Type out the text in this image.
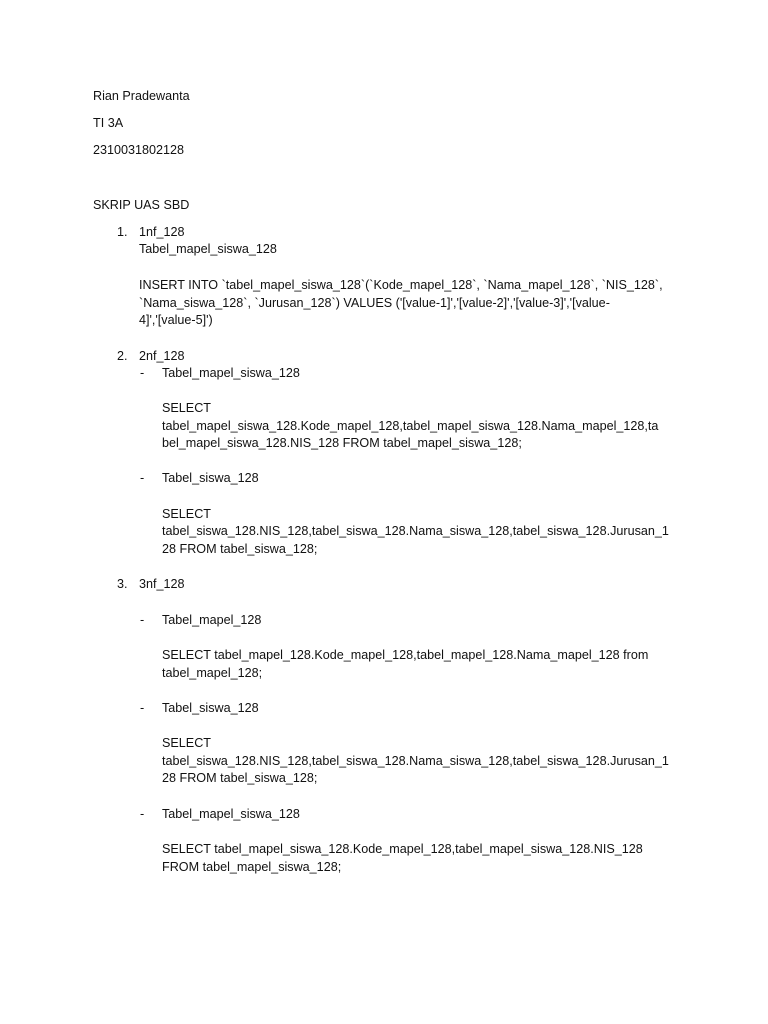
Rian Pradewanta

TI 3A

2310031802128

SKRIP UAS SBD

1. 1nf_128

Tabel_mapel_siswa_128

INSERT INTO `tabel_mapel_siswa_128`(`Kode_mapel_128`, `Nama_mapel_128`, `NIS_128`,

`Nama_siswa_128`, `Jurusan_128`) VALUES ('[value-1]','[value-2]','[value-3]','[value-

4]','[value-5]')

2. 2nf_128

- Tabel_mapel_siswa_128

SELECT

tabel_mapel_siswa_128.Kode_mapel_128,tabel_mapel_siswa_128.Nama_mapel_128,ta

bel_mapel_siswa_128.NIS_128 FROM tabel_mapel_siswa_128;

- Tabel_siswa_128

SELECT

tabel_siswa_128.NIS_128,tabel_siswa_128.Nama_siswa_128,tabel_siswa_128.Jurusan_1

28 FROM tabel_siswa_128;

3. 3nf_128

- Tabel_mapel_128

SELECT tabel_mapel_128.Kode_mapel_128,tabel_mapel_128.Nama_mapel_128 from

tabel_mapel_128;

- Tabel_siswa_128

SELECT

tabel_siswa_128.NIS_128,tabel_siswa_128.Nama_siswa_128,tabel_siswa_128.Jurusan_1

28 FROM tabel_siswa_128;

- Tabel_mapel_siswa_128

SELECT tabel_mapel_siswa_128.Kode_mapel_128,tabel_mapel_siswa_128.NIS_128

FROM tabel_mapel_siswa_128;
